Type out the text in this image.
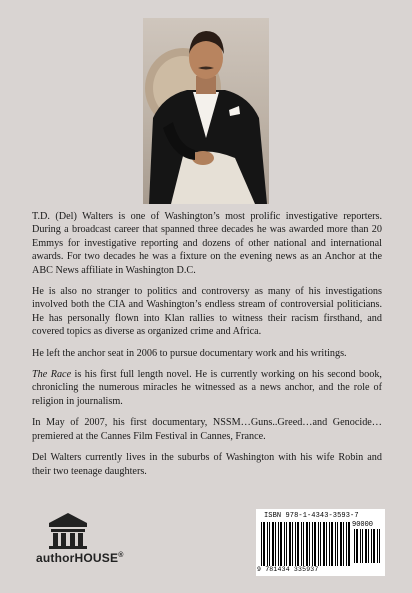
T.D. (Del) Walters is one of Washington’s most prolific investigative reporters. During a broadcast career that spanned three decades he was awarded more than 20 Emmys for investigative reporting and dozens of other national and international awards. For two decades he was a fixture on the evening news as an Anchor at the ABC News affiliate in Washington D.C.

He is also no stranger to politics and controversy as many of his investigations involved both the CIA and Washington’s endless stream of controversial politicians. He has personally flown into Klan rallies to witness their racism firsthand, and covered topics as diverse as organized crime and Africa.

He left the anchor seat in 2006 to pursue documentary work and his writings.

The Race is his first full length novel. He is currently working on his second book, chronicling the numerous miracles he witnessed as a news anchor, and the role of religion in journalism.

In May of 2007, his first documentary, NSSM…Guns..Greed…and Genocide… premiered at the Cannes Film Festival in Cannes, France.

Del Walters currently lives in the suburbs of Washington with his wife Robin and their two teenage daughters.

authorHOUSE®
ISBN 978-1-4343-3593-7
90000
9 781434 335937
